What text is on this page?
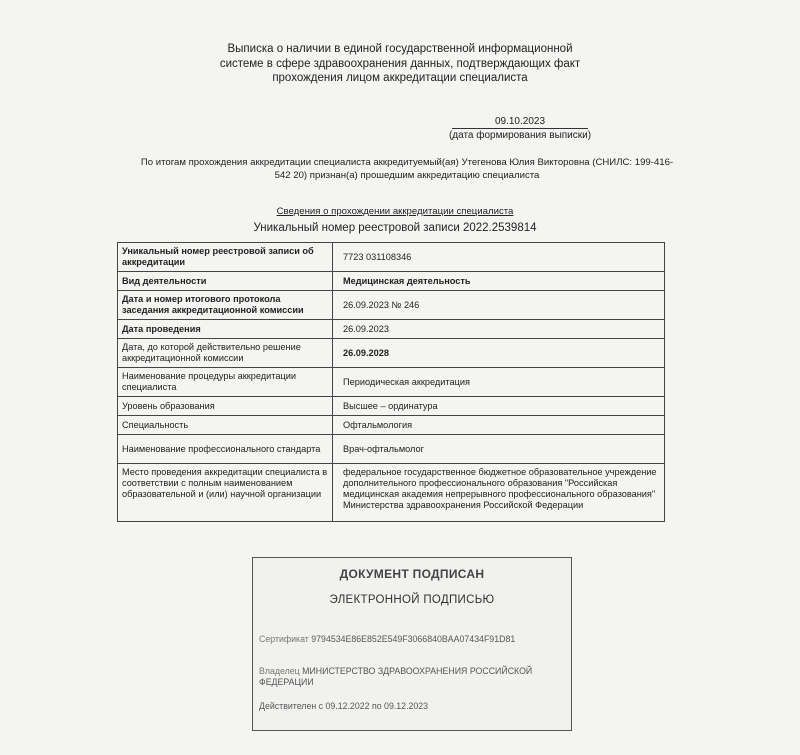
Выписка о наличии в единой государственной информационной
системе в сфере здравоохранения данных, подтверждающих факт
прохождения лицом аккредитации специалиста
09.10.2023
(дата формирования выписки)
По итогам прохождения аккредитации специалиста аккредитуемый(ая) Утегенова Юлия Викторовна (СНИЛС: 199-416-
542 20) признан(а) прошедшим аккредитацию специалиста
Сведения о прохождении аккредитации специалиста
Уникальный номер реестровой записи 2022.2539814
Уникальный номер реестровой записи об аккредитации	7723 031108346
Вид деятельности	Медицинская деятельность
Дата и номер итогового протокола заседания аккредитационной комиссии	26.09.2023 № 246
Дата проведения	26.09.2023
Дата, до которой действительно решение аккредитационной комиссии	26.09.2028
Наименование процедуры аккредитации специалиста	Периодическая аккредитация
Уровень образования	Высшее – ординатура
Специальность	Офтальмология
Наименование профессионального стандарта	Врач-офтальмолог
Место проведения аккредитации специалиста в соответствии с полным наименованием образовательной и (или) научной организации	федеральное государственное бюджетное образовательное учреждение дополнительного профессионального образования "Российская медицинская академия непрерывного профессионального образования" Министерства здравоохранения Российской Федерации
ДОКУМЕНТ ПОДПИСАН
ЭЛЕКТРОННОЙ ПОДПИСЬЮ
Сертификат 9794534E86E852E549F3066840BAA07434F91D81
Владелец МИНИСТЕРСТВО ЗДРАВООХРАНЕНИЯ РОССИЙСКОЙ ФЕДЕРАЦИИ
Действителен с 09.12.2022 по 09.12.2023
